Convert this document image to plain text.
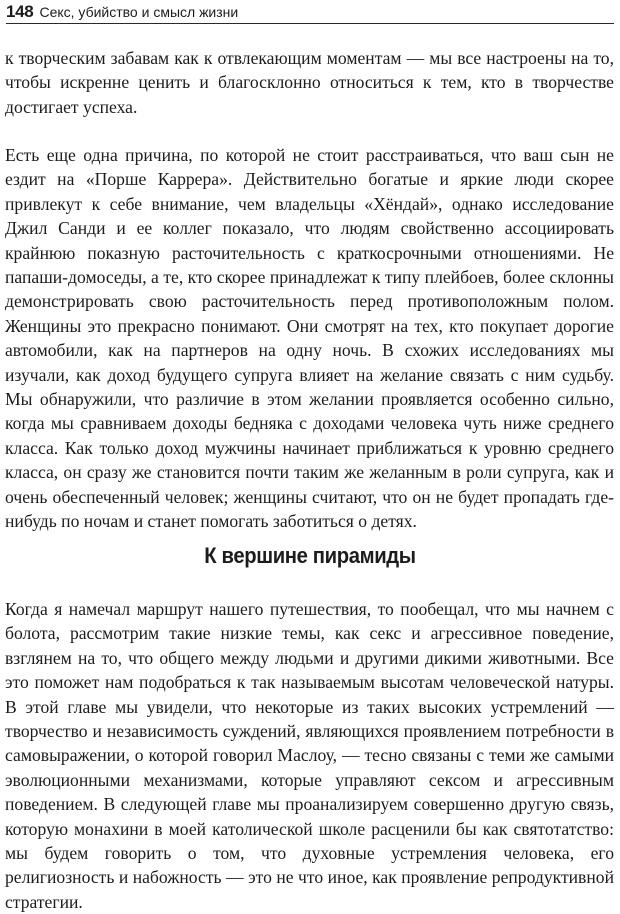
148 Секс, убийство и смысл жизни

к творческим забавам как к отвлекающим моментам — мы все настроены на то, чтобы искренне ценить и благосклонно относиться к тем, кто в творчестве достигает успеха.

Есть еще одна причина, по которой не стоит расстраиваться, что ваш сын не ездит на «Порше Каррера». Действительно богатые и яркие люди скорее привлекут к себе внимание, чем владельцы «Хёндай», однако исследование Джил Санди и ее коллег показало, что людям свойственно ассоциировать крайнюю показную расточительность с краткосрочными отношениями. Не папаши-домоседы, а те, кто скорее принадлежат к типу плейбоев, более склонны демонстрировать свою расточительность перед противоположным полом. Женщины это прекрасно понимают. Они смотрят на тех, кто покупает дорогие автомобили, как на партнеров на одну ночь. В схожих исследованиях мы изучали, как доход будущего супруга влияет на желание связать с ним судьбу. Мы обнаружили, что различие в этом желании проявляется особенно сильно, когда мы сравниваем доходы бедняка с доходами человека чуть ниже среднего класса. Как только доход мужчины начинает приближаться к уровню среднего класса, он сразу же становится почти таким же желанным в роли супруга, как и очень обеспеченный человек; женщины считают, что он не будет пропадать где-нибудь по ночам и станет помогать заботиться о детях.

К вершине пирамиды

Когда я намечал маршрут нашего путешествия, то пообещал, что мы начнем с болота, рассмотрим такие низкие темы, как секс и агрессивное поведение, взглянем на то, что общего между людьми и другими дикими животными. Все это поможет нам подобраться к так называемым высотам человеческой натуры. В этой главе мы увидели, что некоторые из таких высоких устремлений — творчество и независимость суждений, являющихся проявлением потребности в самовыражении, о которой говорил Маслоу, — тесно связаны с теми же самыми эволюционными механизмами, которые управляют сексом и агрессивным поведением. В следующей главе мы проанализируем совершенно другую связь, которую монахини в моей католической школе расценили бы как святотатство: мы будем говорить о том, что духовные устремления человека, его религиозность и набожность — это не что иное, как проявление репродуктивной стратегии.
